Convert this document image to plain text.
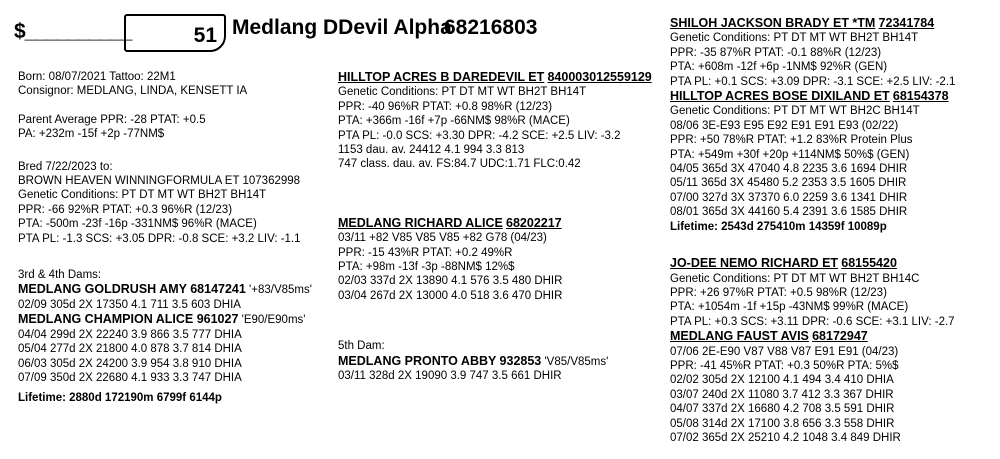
$__________	51 Medlang DDevil Alpha
68216803
Born: 08/07/2021 Tattoo: 22M1
Consignor: MEDLANG, LINDA, KENSETT IA
Parent Average PPR: -28 PTAT: +0.5
PA: +232m -15f +2p -77NM$
Bred 7/22/2023 to:
BROWN HEAVEN WINNINGFORMULA ET 107362998
Genetic Conditions: PT DT MT WT BH2T BH14T
PPR: -66 92%R PTAT: +0.3 96%R (12/23)
PTA: -500m -23f -16p -331NM$ 96%R (MACE)
PTA PL: -1.3 SCS: +3.05 DPR: -0.8 SCE: +3.2 LIV: -1.1
3rd & 4th Dams:
MEDLANG GOLDRUSH AMY 68147241 '+83/V85ms'
02/09 305d 2X 17350 4.1 711 3.5 603 DHIA
MEDLANG CHAMPION ALICE 961027 'E90/E90ms'
04/04 299d 2X 22240 3.9 866 3.5 777 DHIA
05/04 277d 2X 21800 4.0 878 3.7 814 DHIA
06/03 305d 2X 24200 3.9 954 3.8 910 DHIA
07/09 350d 2X 22680 4.1 933 3.3 747 DHIA
Lifetime: 2880d 172190m 6799f 6144p
HILLTOP ACRES B DAREDEVIL ET 840003012559129
Genetic Conditions: PT DT MT WT BH2T BH14T
PPR: -40 96%R PTAT: +0.8 98%R (12/23)
PTA: +366m -16f +7p -66NM$ 98%R (MACE)
PTA PL: -0.0 SCS: +3.30 DPR: -4.2 SCE: +2.5 LIV: -3.2
1153 dau. av. 24412 4.1 994 3.3 813
747 class. dau. av. FS:84.7 UDC:1.71 FLC:0.42
MEDLANG RICHARD ALICE 68202217
03/11 +82 V85 V85 V85 +82 G78 (04/23)
PPR: -15 43%R PTAT: +0.2 49%R
PTA: +98m -13f -3p -88NM$ 12%$
02/03 337d 2X 13890 4.1 576 3.5 480 DHIR
03/04 267d 2X 13000 4.0 518 3.6 470 DHIR
5th Dam:
MEDLANG PRONTO ABBY 932853 'V85/V85ms'
03/11 328d 2X 19090 3.9 747 3.5 661 DHIR
SHILOH JACKSON BRADY ET *TM 72341784
Genetic Conditions: PT DT MT WT BH2T BH14T
PPR: -35 87%R PTAT: -0.1 88%R (12/23)
PTA: +608m -12f +6p -1NM$ 92%R (GEN)
PTA PL: +0.1 SCS: +3.09 DPR: -3.1 SCE: +2.5 LIV: -2.1
HILLTOP ACRES BOSE DIXILAND ET 68154378
Genetic Conditions: PT DT MT WT BH2C BH14T
08/06 3E-E93 E95 E92 E91 E91 E93 (02/22)
PPR: +50 78%R PTAT: +1.2 83%R Protein Plus
PTA: +549m +30f +20p +114NM$ 50%$ (GEN)
04/05 365d 3X 47040 4.8 2235 3.6 1694 DHIR
05/11 365d 3X 45480 5.2 2353 3.5 1605 DHIR
07/00 327d 3X 37370 6.0 2259 3.6 1341 DHIR
08/01 365d 3X 44160 5.4 2391 3.6 1585 DHIR
Lifetime: 2543d 275410m 14359f 10089p
JO-DEE NEMO RICHARD ET 68155420
Genetic Conditions: PT DT MT WT BH2T BH14C
PPR: +26 97%R PTAT: +0.5 98%R (12/23)
PTA: +1054m -1f +15p -43NM$ 99%R (MACE)
PTA PL: +0.3 SCS: +3.11 DPR: -0.6 SCE: +3.1 LIV: -2.7
MEDLANG FAUST AVIS 68172947
07/06 2E-E90 V87 V88 V87 E91 E91 (04/23)
PPR: -41 45%R PTAT: +0.3 50%R PTA: 5%$
02/02 305d 2X 12100 4.1 494 3.4 410 DHIA
03/07 240d 2X 11080 3.7 412 3.3 367 DHIR
04/07 337d 2X 16680 4.2 708 3.5 591 DHIR
05/08 314d 2X 17100 3.8 656 3.3 558 DHIR
07/02 365d 2X 25210 4.2 1048 3.4 849 DHIR
